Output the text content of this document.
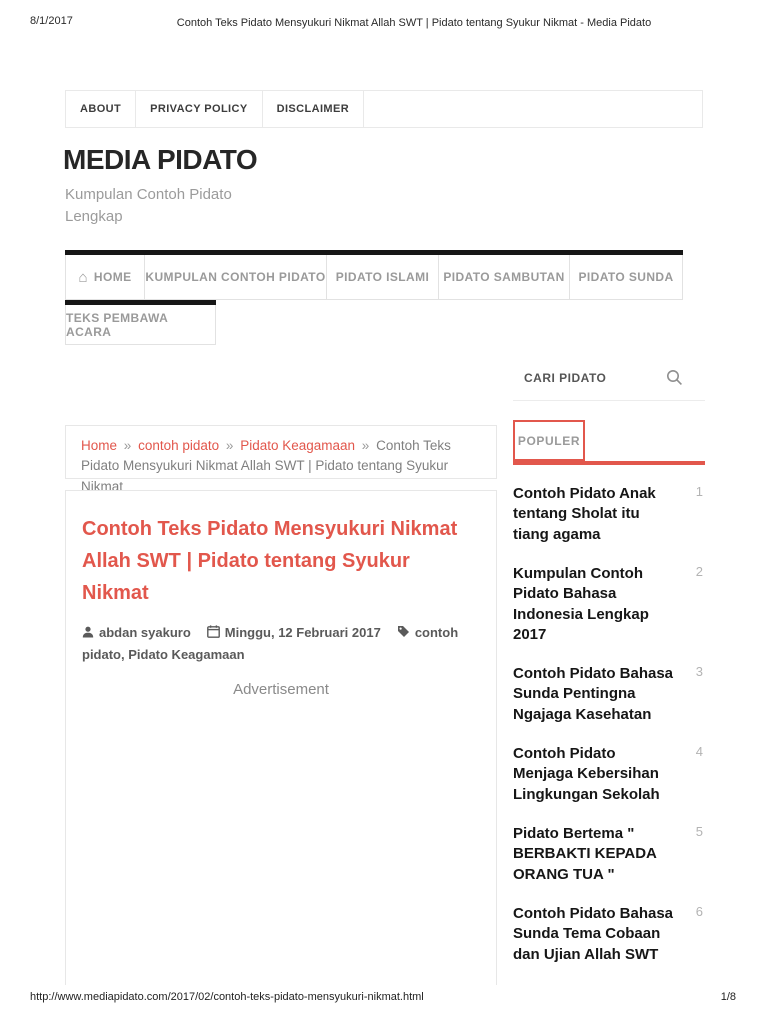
8/1/2017	Contoh Teks Pidato Mensyukuri Nikmat Allah SWT | Pidato tentang Syukur Nikmat - Media Pidato
ABOUT	PRIVACY POLICY	DISCLAIMER
MEDIA PIDATO
Kumpulan Contoh Pidato Lengkap
⌂ HOME KUMPULAN CONTOH PIDATO PIDATO ISLAMI	PIDATO SAMBUTAN	PIDATO SUNDA
TEKS PEMBAWA ACARA
CARI PIDATO
Home » contoh pidato » Pidato Keagamaan » Contoh Teks Pidato Mensyukuri Nikmat Allah SWT | Pidato tentang Syukur Nikmat
Contoh Teks Pidato Mensyukuri Nikmat Allah SWT | Pidato tentang Syukur Nikmat
abdan syakuro	Minggu, 12 Februari 2017	contoh pidato, Pidato Keagamaan
Advertisement
POPULER
Contoh Pidato Anak tentang Sholat itu tiang agama
1
Kumpulan Contoh Pidato Bahasa Indonesia Lengkap 2017
2
Contoh Pidato Bahasa Sunda Pentingna Ngajaga Kasehatan
3
Contoh Pidato Menjaga Kebersihan Lingkungan Sekolah
4
Pidato Bertema " BERBAKTI KEPADA ORANG TUA "
5
Contoh Pidato Bahasa Sunda Tema Cobaan dan Ujian Allah SWT
6
http://www.mediapidato.com/2017/02/contoh-teks-pidato-mensyukuri-nikmat.html	1/8
